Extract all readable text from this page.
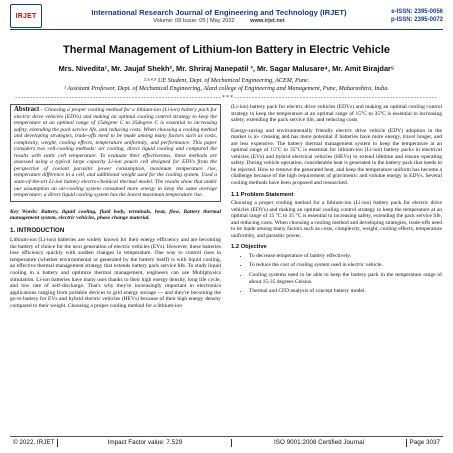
IRJET	International Research Journal of Engineering and Technology (IRJET)
Volume: 09 Issue: 05 | May 2022	www.irjet.net
e-ISSN: 2395-0056
p-ISSN: 2395-0072
Thermal Management of Lithium-Ion Battery in Electric Vehicle
Mrs. Nivedita¹, Mr. Jaujaf Shekh², Mr. Shriraj Manepatil ³, Mr. Sagar Malusare⁴, Mr. Amit Birajdar⁵
²·³·⁴·⁵ UE Student, Dept. of Mechanical Engineering, ACEM, Pune.
¹ Assistant Professor, Dept. of Mechanical Engineering, Alard college of Engineering and Management, Pune, Maharashtra, India.
---------------------------------------------------------------------***--------------------------------------------------------------------
Abstract - Choosing a proper cooling method for a lithium-ion (Li-ion) battery pack for electric drive vehicles (EDVs) and making an optimal cooling control strategy to keep the temperature at an optimal range of 15degree C to 35degree C is essential to increasing safety, extending the pack service life, and reducing costs. When choosing a cooling method and developing strategies, trade-offs need to be made among many factors such as costs, complexity, weight, cooling effects, temperature uniformity, and performance. This paper considers two cell-cooling methods: air cooling, direct liquid cooling and compared the results with static cell temperature. To evaluate their effectiveness, these methods are assessed using a typical large capacity Li-ion pouch cell designed for EDVs from the perspective of coolant parasitic power consumption, maximum temperature rise, temperature difference in a cell, and additional weight used for the cooling system. Used a state-of-the-art Li-ion battery electro-chemical thermal model. The results show that under our assumption an air-cooling system consumed more energy to keep the same average temperature; a direct liquid cooling system has the lowest maximum temperature rise.
Key Words: Battery, liquid cooling, fluid body, terminals, heat, flow, Battery thermal management system, electric vehicles, phase change material.
1. INTRODUCTION

Lithium-ion (Li-ion) batteries are widely known for their energy efficiency and are becoming the battery of choice for the next generation of electric vehicles (EVs). However, these batteries lose efficiency quickly with sudden changes in temperature. One way to control rises in temperature (whether environmental or generated by the battery itself) is with liquid cooling, an effective thermal management strategy that extends battery pack service life. To study liquid cooling in a battery and optimize thermal management, engineers can use Multiphysics simulation. Li-ion batteries have many uses thanks to their high energy density, long life cycle, and low rate of self-discharge. That's why they're increasingly important in electronics applications ranging from portable devices to grid energy storage — and they're becoming the go-to battery for EVs and hybrid electric vehicles (HEVs) because of their high energy density compared to their weight. Choosing a proper cooling method for a lithium-ion

(Li-ion) battery pack for electric drive vehicles (EDVs) and making an optimal cooling control strategy to keep the temperature at an optimal range of 15°C to 35°C is essential to increasing safety, extending the pack service life, and reducing costs

Energy-saving and environmentally friendly electric drive vehicle (EDV) adoption in the market is in- creasing and has more potential if batteries have more energy, travel longer, and are less expensive. The battery thermal management system to keep the temperature at an optimal range of 15°C to 35°C is essential for lithium-ion (Li-ion) battery packs in electrical vehicles (EVs) and hybrid electrical vehicles (HEVs) to extend lifetime and ensure operating safety. During vehicle operation, considerable heat is generated in the battery pack that needs to be rejected. How to remove the generated heat, and keep the temperature uniform has become a challenge because of the high requirement of gravimetric and volume energy in EDVs. Several cooling methods have been proposed and researched.

1.1 Problem Statement

Choosing a proper cooling method for a lithium-ion (Li-ion) battery pack for electric drive vehicles (EDVs) and making an optimal cooling control strategy to keep the temperature at an optimal range of 15 °C to 35 °C is essential to increasing safety, extending the pack service life, and reducing costs. When choosing a cooling method and developing strategies, trade-offs need to be made among many factors such as costs, complexity, weight, cooling effects, temperature uniformity, and parasitic power.

1.2 Objective
• To decrease temperature of battery effectively.
• To reduce the cost of cooling system used in electric vehicle.
• Cooling systems need to be able to keep the battery pack in the temperature range of about 15-35 degrees Celsius.
• Thermal and CFD analysis of concept battery model.
© 2022, IRJET	Impact Factor value: 7.529	ISO 9001:2008 Certified Journal	Page 3037
